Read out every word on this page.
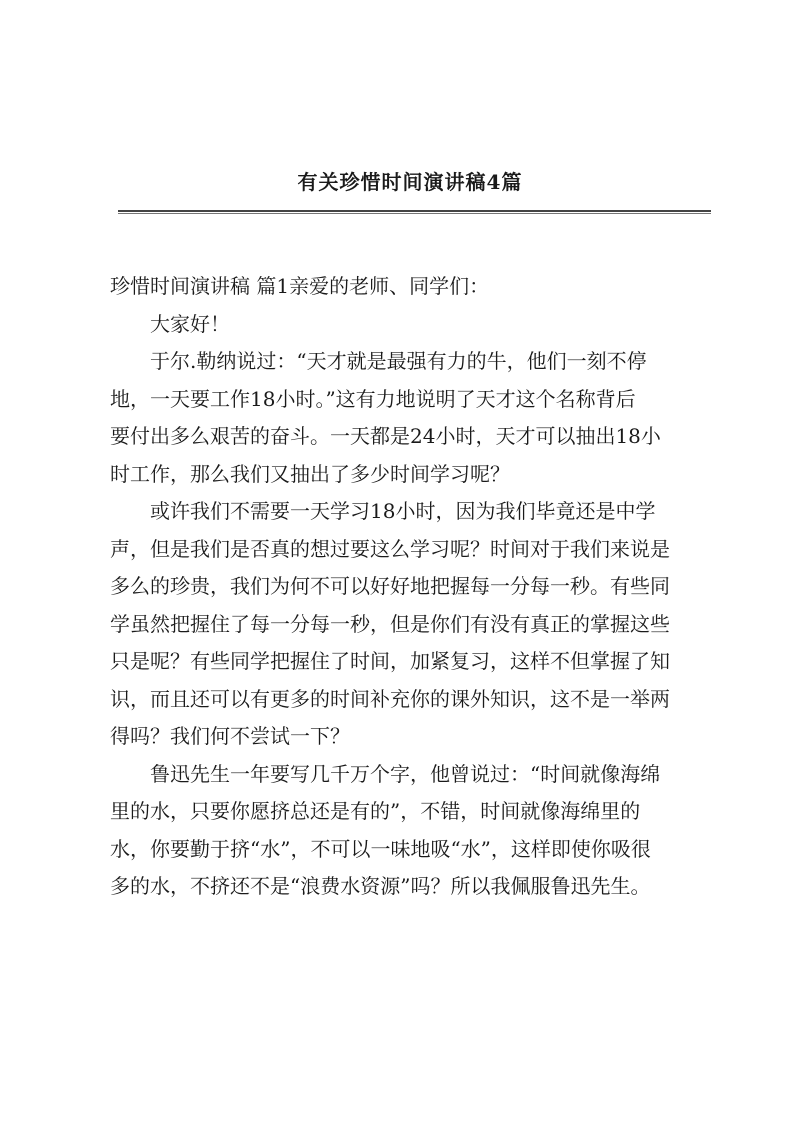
有关珍惜时间演讲稿4篇

珍惜时间演讲稿 篇1亲爱的老师、同学们：

大家好！

于尔.勒纳说过：“天才就是最强有力的牛，他们一刻不停
地，一天要工作18小时。”这有力地说明了天才这个名称背后
要付出多么艰苦的奋斗。一天都是24小时，天才可以抽出18小
时工作，那么我们又抽出了多少时间学习呢？

或许我们不需要一天学习18小时，因为我们毕竟还是中学
声，但是我们是否真的想过要这么学习呢？时间对于我们来说是
多么的珍贵，我们为何不可以好好地把握每一分每一秒。有些同
学虽然把握住了每一分每一秒，但是你们有没有真正的掌握这些
只是呢？有些同学把握住了时间，加紧复习，这样不但掌握了知
识，而且还可以有更多的时间补充你的课外知识，这不是一举两
得吗？我们何不尝试一下？

鲁迅先生一年要写几千万个字，他曾说过：“时间就像海绵
里的水，只要你愿挤总还是有的”，不错，时间就像海绵里的
水，你要勤于挤“水”，不可以一味地吸“水”，这样即使你吸很
多的水，不挤还不是“浪费水资源”吗？所以我佩服鲁迅先生。
